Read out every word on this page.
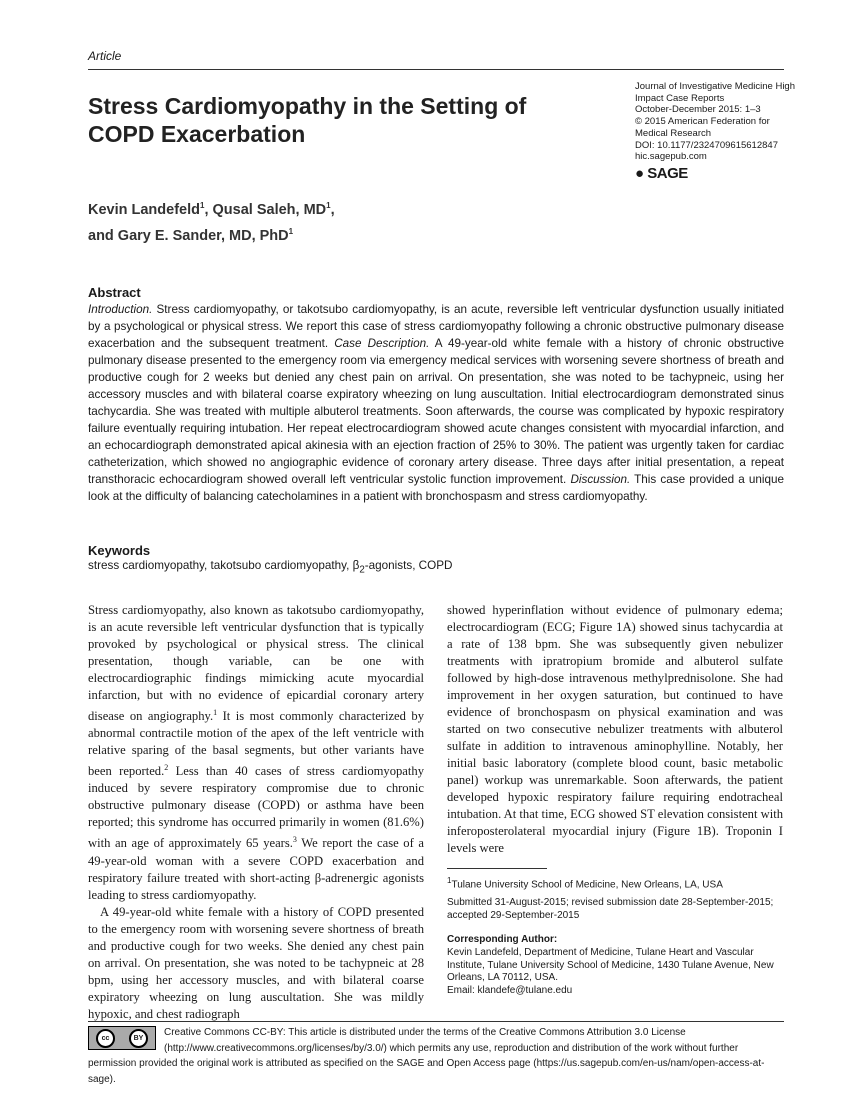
Article
Stress Cardiomyopathy in the Setting of COPD Exacerbation
Journal of Investigative Medicine High
Impact Case Reports
October-December 2015: 1–3
© 2015 American Federation for
Medical Research
DOI: 10.1177/2324709615612847
hic.sagepub.com
● SAGE
Kevin Landefeld$^1$, Qusal Saleh, $MD^1$,
and Gary E. Sander, MD, PhD$^1$
Abstract
Introduction. Stress cardiomyopathy, or takotsubo cardiomyopathy, is an acute, reversible left ventricular dysfunction usually initiated by a psychological or physical stress. We report this case of stress cardiomyopathy following a chronic obstructive pulmonary disease exacerbation and the subsequent treatment. Case Description. A 49-year-old white female with a history of chronic obstructive pulmonary disease presented to the emergency room via emergency medical services with worsening severe shortness of breath and productive cough for 2 weeks but denied any chest pain on arrival. On presentation, she was noted to be tachypneic, using her accessory muscles and with bilateral coarse expiratory wheezing on lung auscultation. Initial electrocardiogram demonstrated sinus tachycardia. She was treated with multiple albuterol treatments. Soon afterwards, the course was complicated by hypoxic respiratory failure eventually requiring intubation. Her repeat electrocardiogram showed acute changes consistent with myocardial infarction, and an echocardiograph demonstrated apical akinesia with an ejection fraction of 25% to 30%. The patient was urgently taken for cardiac catheterization, which showed no angiographic evidence of coronary artery disease. Three days after initial presentation, a repeat transthoracic echocardiogram showed overall left ventricular systolic function improvement. Discussion. This case provided a unique look at the difficulty of balancing catecholamines in a patient with bronchospasm and stress cardiomyopathy.
Keywords
stress cardiomyopathy, takotsubo cardiomyopathy, $\beta_2$-agonists, COPD

Stress cardiomyopathy, also known as takotsubo cardiomyopathy, is an acute reversible left ventricular dysfunction that is typically provoked by psychological or physical stress. The clinical presentation, though variable, can be one with electrocardiographic findings mimicking acute myocardial infarction, but with no evidence of epicardial coronary artery disease on angiography.$^1$ It is most commonly characterized by abnormal contractile motion of the apex of the left ventricle with relative sparing of the basal segments, but other variants have been reported.$^2$ Less than 40 cases of stress cardiomyopathy induced by severe respiratory compromise due to chronic obstructive pulmonary disease (COPD) or asthma have been reported; this syndrome has occurred primarily in women (81.6%) with an age of approximately 65 years.$^3$ We report the case of a 49-year-old woman with a severe COPD exacerbation and respiratory failure treated with short-acting β-adrenergic agonists leading to stress cardiomyopathy.

A 49-year-old white female with a history of COPD presented to the emergency room with worsening severe shortness of breath and productive cough for two weeks. She denied any chest pain on arrival. On presentation, she was noted to be tachypneic at 28 bpm, using her accessory muscles, and with bilateral coarse expiratory wheezing on lung auscultation. She was mildly hypoxic, and chest radiograph

showed hyperinflation without evidence of pulmonary edema; electrocardiogram (ECG; Figure 1A) showed sinus tachycardia at a rate of 138 bpm. She was subsequently given nebulizer treatments with ipratropium bromide and albuterol sulfate followed by high-dose intravenous methylprednisolone. She had improvement in her oxygen saturation, but continued to have evidence of bronchospasm on physical examination and was started on two consecutive nebulizer treatments with albuterol sulfate in addition to intravenous aminophylline. Notably, her initial basic laboratory (complete blood count, basic metabolic panel) workup was unremarkable. Soon afterwards, the patient developed hypoxic respiratory failure requiring endotracheal intubation. At that time, ECG showed ST elevation consistent with inferoposterolateral myocardial injury (Figure 1B). Troponin I levels were

$^1$Tulane University School of Medicine, New Orleans, LA, USA
Submitted 31-August-2015; revised submission date 28-September-2015; accepted 29-September-2015
Corresponding Author:
Kevin Landefeld, Department of Medicine, Tulane Heart and Vascular Institute, Tulane University School of Medicine, 1430 Tulane Avenue, New Orleans, LA 70112, USA.
Email: klandefe@tulane.edu
Creative Commons CC-BY: This article is distributed under the terms of the Creative Commons Attribution 3.0 License (http://www.creativecommons.org/licenses/by/3.0/) which permits any use, reproduction and distribution of the work without further permission provided the original work is attributed as specified on the SAGE and Open Access page (https://us.sagepub.com/en-us/nam/open-access-at-sage).
cc	BY
